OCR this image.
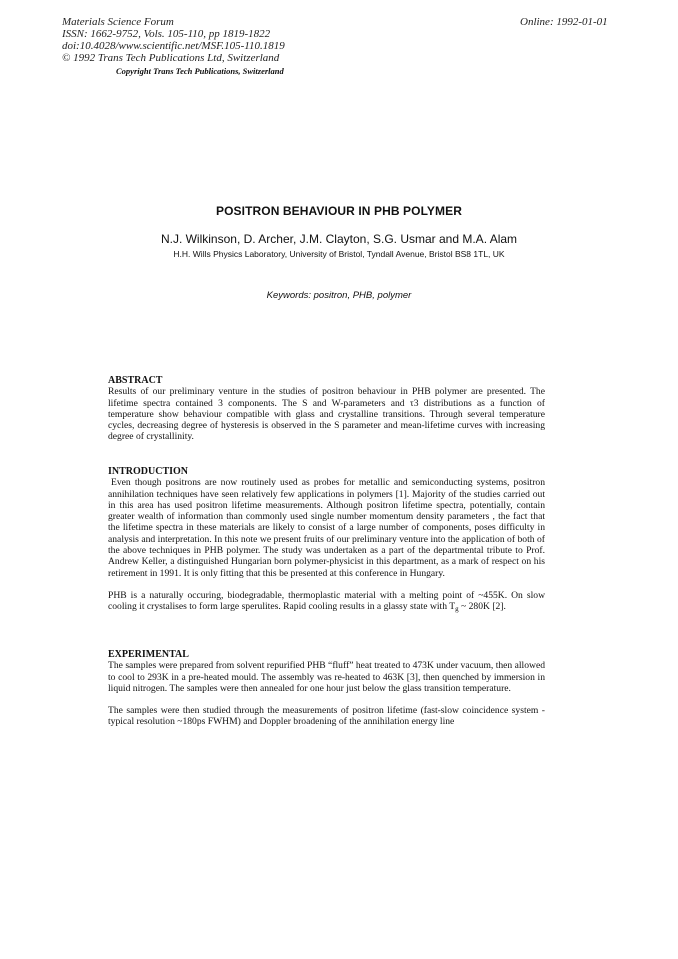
Materials Science Forum
ISSN: 1662-9752, Vols. 105-110, pp 1819-1822
doi:10.4028/www.scientific.net/MSF.105-110.1819
© 1992 Trans Tech Publications Ltd, Switzerland
Online: 1992-01-01
Copyright Trans Tech Publications, Switzerland
POSITRON BEHAVIOUR IN PHB POLYMER
N.J. Wilkinson, D. Archer, J.M. Clayton, S.G. Usmar and M.A. Alam
H.H. Wills Physics Laboratory, University of Bristol, Tyndall Avenue, Bristol BS8 1TL, UK
Keywords: positron, PHB, polymer
ABSTRACT

Results of our preliminary venture in the studies of positron behaviour in PHB polymer are presented. The lifetime spectra contained 3 components. The S and W-parameters and τ3 distributions as a function of temperature show behaviour compatible with glass and crystalline transitions. Through several temperature cycles, decreasing degree of hysteresis is observed in the S parameter and mean-lifetime curves with increasing degree of crystallinity.

INTRODUCTION

Even though positrons are now routinely used as probes for metallic and semiconducting systems, positron annihilation techniques have seen relatively few applications in polymers [1]. Majority of the studies carried out in this area has used positron lifetime measurements. Although positron lifetime spectra, potentially, contain greater wealth of information than commonly used single number momentum density parameters , the fact that the lifetime spectra in these materials are likely to consist of a large number of components, poses difficulty in analysis and interpretation. In this note we present fruits of our preliminary venture into the application of both of the above techniques in PHB polymer. The study was undertaken as a part of the departmental tribute to Prof. Andrew Keller, a distinguished Hungarian born polymer-physicist in this department, as a mark of respect on his retirement in 1991. It is only fitting that this be presented at this conference in Hungary.

PHB is a naturally occuring, biodegradable, thermoplastic material with a melting point of ~455K. On slow cooling it crystalises to form large sperulites. Rapid cooling results in a glassy state with $T_g$ ~ 280K [2].

EXPERIMENTAL

The samples were prepared from solvent repurified PHB “fluff” heat treated to 473K under vacuum, then allowed to cool to 293K in a pre-heated mould. The assembly was re-heated to 463K [3], then quenched by immersion in liquid nitrogen. The samples were then annealed for one hour just below the glass transition temperature.

The samples were then studied through the measurements of positron lifetime (fast-slow coincidence system - typical resolution ~180ps FWHM) and Doppler broadening of the annihilation energy line
